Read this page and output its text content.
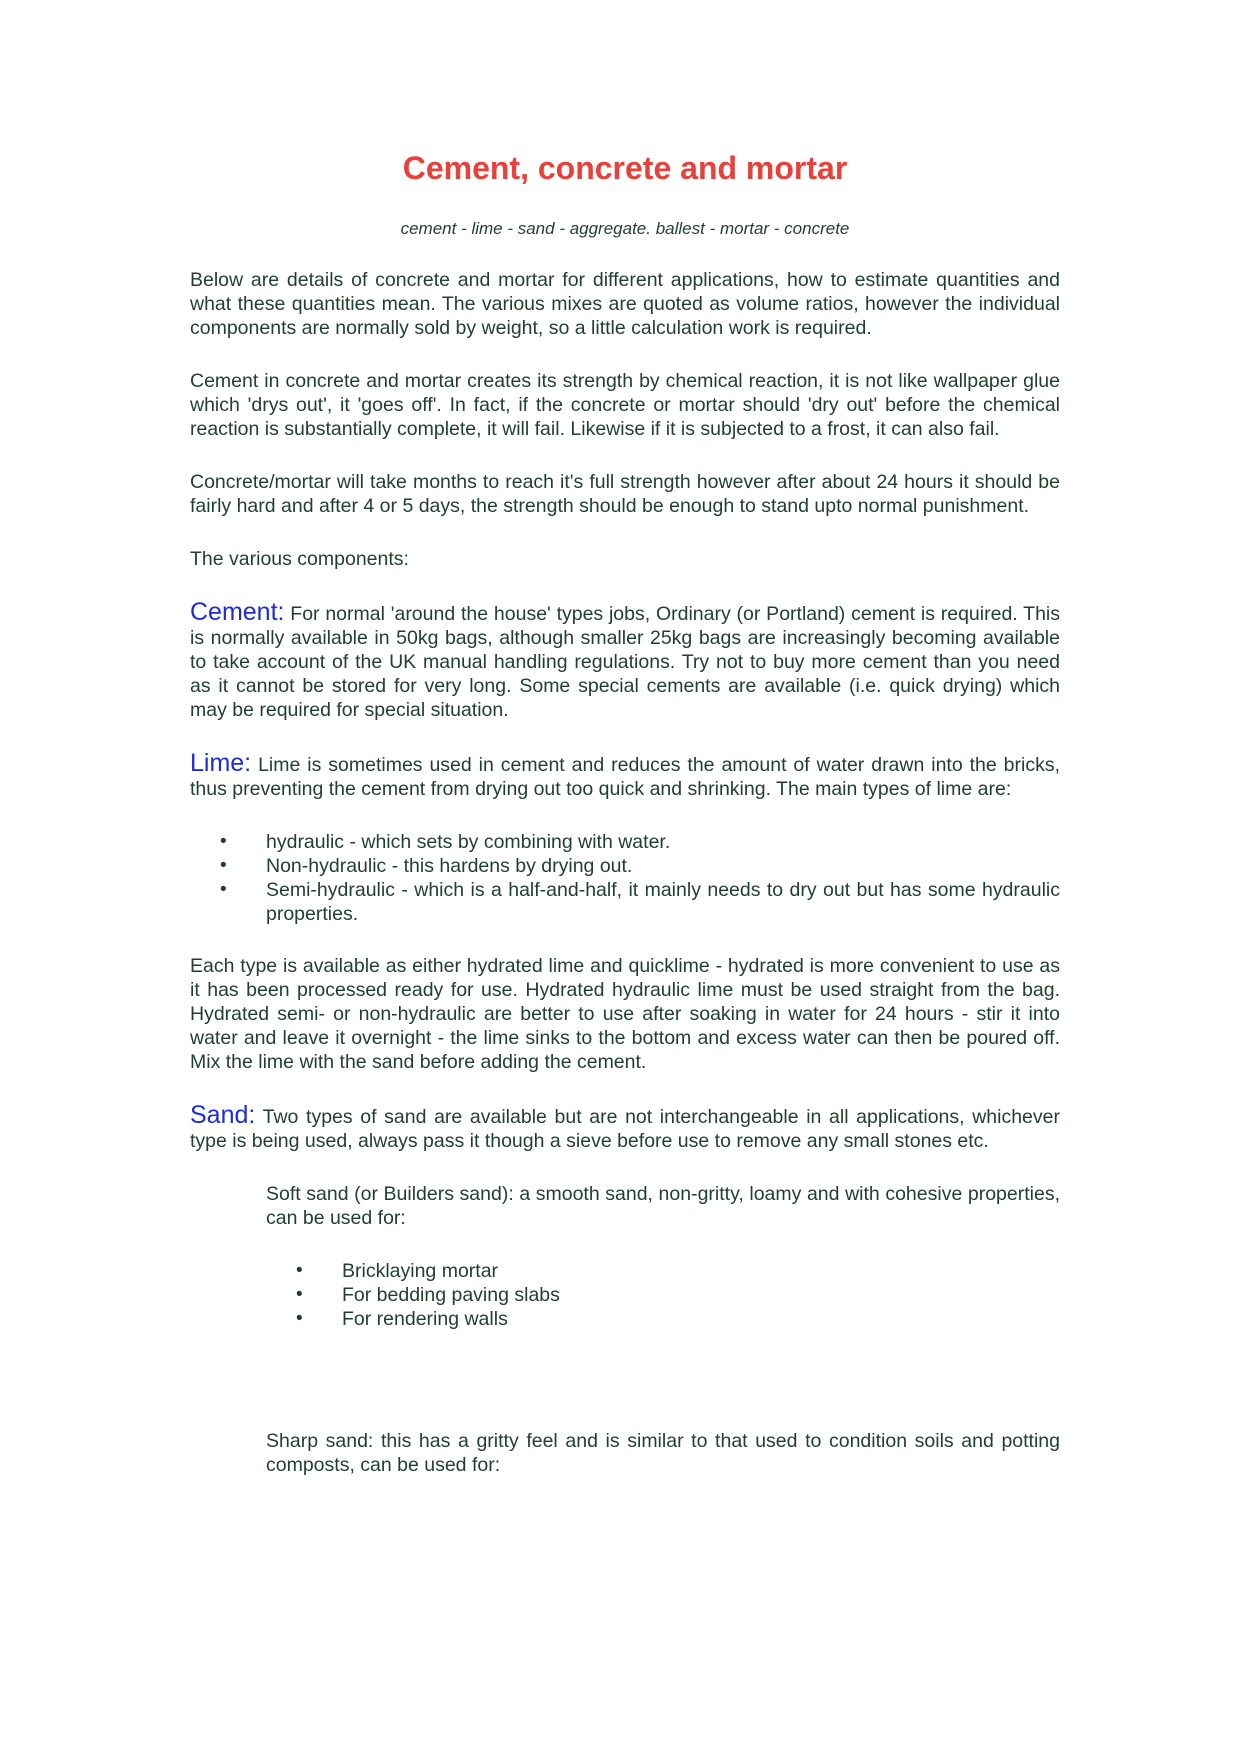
Cement, concrete and mortar
cement - lime - sand - aggregate. ballest - mortar - concrete

Below are details of concrete and mortar for different applications, how to estimate quantities and what these quantities mean. The various mixes are quoted as volume ratios, however the individual components are normally sold by weight, so a little calculation work is required.

Cement in concrete and mortar creates its strength by chemical reaction, it is not like wallpaper glue which 'drys out', it 'goes off'. In fact, if the concrete or mortar should 'dry out' before the chemical reaction is substantially complete, it will fail. Likewise if it is subjected to a frost, it can also fail.

Concrete/mortar will take months to reach it's full strength however after about 24 hours it should be fairly hard and after 4 or 5 days, the strength should be enough to stand upto normal punishment.

The various components:

Cement: For normal 'around the house' types jobs, Ordinary (or Portland) cement is required. This is normally available in 50kg bags, although smaller 25kg bags are increasingly becoming available to take account of the UK manual handling regulations. Try not to buy more cement than you need as it cannot be stored for very long. Some special cements are available (i.e. quick drying) which may be required for special situation.

Lime: Lime is sometimes used in cement and reduces the amount of water drawn into the bricks, thus preventing the cement from drying out too quick and shrinking. The main types of lime are:

• hydraulic - which sets by combining with water.
• Non-hydraulic - this hardens by drying out.
• Semi-hydraulic - which is a half-and-half, it mainly needs to dry out but has some hydraulic properties.

Each type is available as either hydrated lime and quicklime - hydrated is more convenient to use as it has been processed ready for use. Hydrated hydraulic lime must be used straight from the bag. Hydrated semi- or non-hydraulic are better to use after soaking in water for 24 hours - stir it into water and leave it overnight - the lime sinks to the bottom and excess water can then be poured off. Mix the lime with the sand before adding the cement.

Sand: Two types of sand are available but are not interchangeable in all applications, whichever type is being used, always pass it though a sieve before use to remove any small stones etc.

Soft sand (or Builders sand): a smooth sand, non-gritty, loamy and with cohesive properties, can be used for:

• Bricklaying mortar
• For bedding paving slabs
• For rendering walls

Sharp sand: this has a gritty feel and is similar to that used to condition soils and potting composts, can be used for:
